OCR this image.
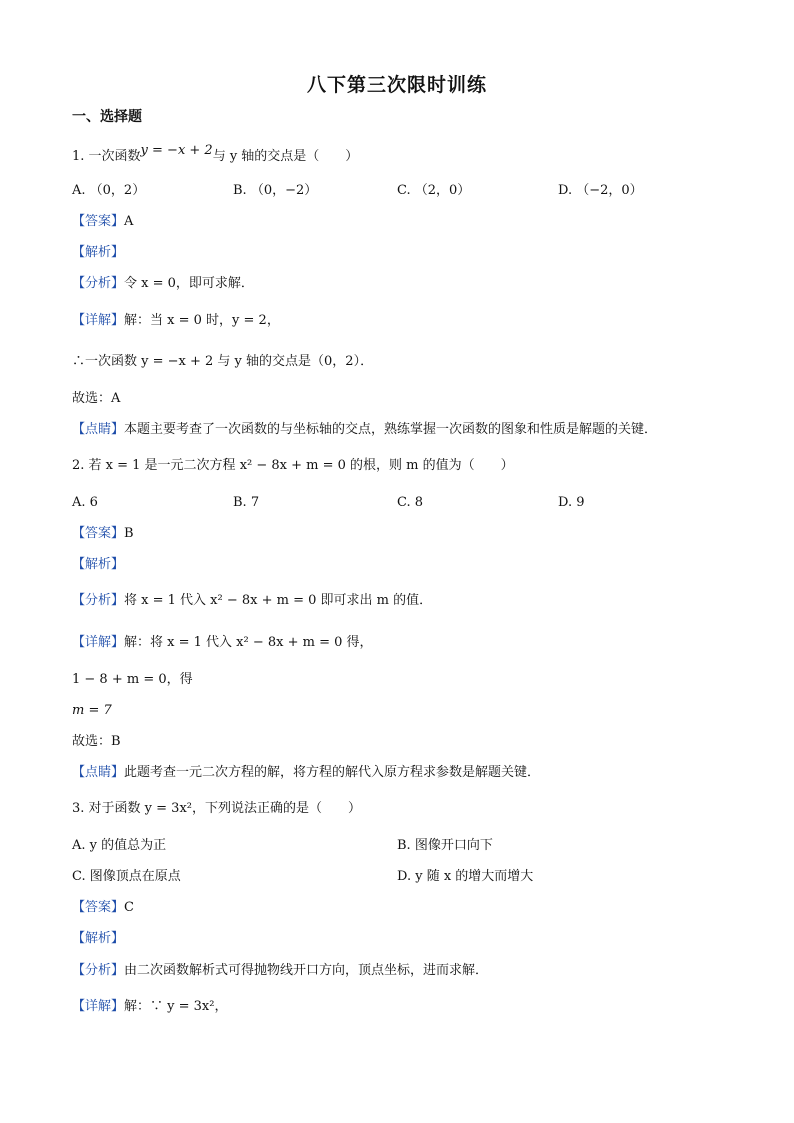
八下第三次限时训练
一、选择题
1. 一次函数y = −x + 2与 y 轴的交点是（　　）
A. （0，2）	B. （0，−2）	C. （2，0）	D. （−2，0）
【答案】A
【解析】
【分析】令 x = 0，即可求解．
【详解】解：当 x = 0 时，y = 2，
∴一次函数 y = −x + 2 与 y 轴的交点是（0，2）．
故选：A
【点睛】本题主要考查了一次函数的与坐标轴的交点，熟练掌握一次函数的图象和性质是解题的关键．
2. 若 x = 1 是一元二次方程 x² − 8x + m = 0 的根，则 m 的值为（　　）
A. 6	B. 7	C. 8	D. 9
【答案】B
【解析】
【分析】将 x = 1 代入 x² − 8x + m = 0 即可求出 m 的值．
【详解】解：将 x = 1 代入 x² − 8x + m = 0 得，
1 − 8 + m = 0，得
m = 7
故选：B
【点睛】此题考查一元二次方程的解，将方程的解代入原方程求参数是解题关键．
3. 对于函数 y = 3x²，下列说法正确的是（　　）
A. y 的值总为正	B. 图像开口向下
C. 图像顶点在原点	D. y 随 x 的增大而增大
【答案】C
【解析】
【分析】由二次函数解析式可得抛物线开口方向，顶点坐标，进而求解．
【详解】解：∵ y = 3x²，
